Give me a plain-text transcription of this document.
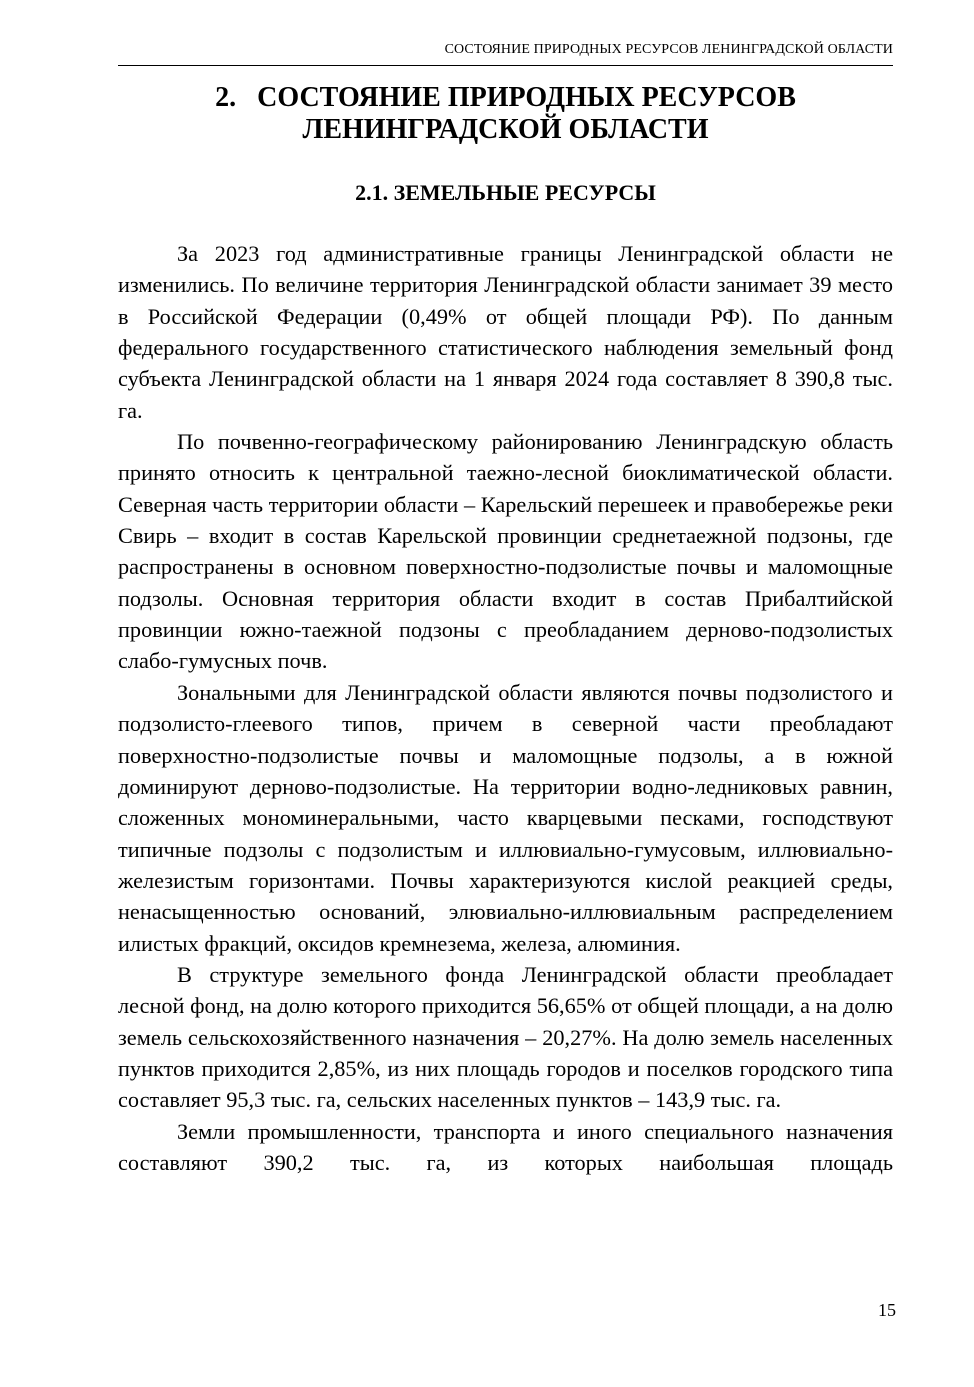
СОСТОЯНИЕ ПРИРОДНЫХ РЕСУРСОВ ЛЕНИНГРАДСКОЙ ОБЛАСТИ
2.   СОСТОЯНИЕ ПРИРОДНЫХ РЕСУРСОВ
ЛЕНИНГРАДСКОЙ ОБЛАСТИ
2.1. ЗЕМЕЛЬНЫЕ РЕСУРСЫ

За 2023 год административные границы Ленинградской области не изменились. По величине территория Ленинградской области занимает 39 место в Российской Федерации (0,49% от общей площади РФ). По данным федерального государственного статистического наблюдения земельный фонд субъекта Ленинградской области на 1 января 2024 года составляет 8 390,8 тыс. га.

По почвенно-географическому районированию Ленинградскую область принято относить к центральной таежно-лесной биоклиматической области. Северная часть территории области – Карельский перешеек и правобережье реки Свирь – входит в состав Карельской провинции среднетаежной подзоны, где распространены в основном поверхностно-подзолистые почвы и маломощные подзолы. Основная территория области входит в состав Прибалтийской провинции южно-таежной подзоны с преобладанием дерново-подзолистых слабо-гумусных почв.

Зональными для Ленинградской области являются почвы подзолистого и подзолисто-глеевого типов, причем в северной части преобладают поверхностно-подзолистые почвы и маломощные подзолы, а в южной доминируют дерново-подзолистые. На территории водно-ледниковых равнин, сложенных мономинеральными, часто кварцевыми песками, господствуют типичные подзолы с подзолистым и иллювиально-гумусовым, иллювиально-железистым горизонтами. Почвы характеризуются кислой реакцией среды, ненасыщенностью оснований, элювиально-иллювиальным распределением илистых фракций, оксидов кремнезема, железа, алюминия.

В структуре земельного фонда Ленинградской области преобладает лесной фонд, на долю которого приходится 56,65% от общей площади, а на долю земель сельскохозяйственного назначения – 20,27%. На долю земель населенных пунктов приходится 2,85%, из них площадь городов и поселков городского типа составляет 95,3 тыс. га, сельских населенных пунктов – 143,9 тыс. га.

Земли промышленности, транспорта и иного специального назначения составляют 390,2 тыс. га, из которых наибольшая площадь

15
